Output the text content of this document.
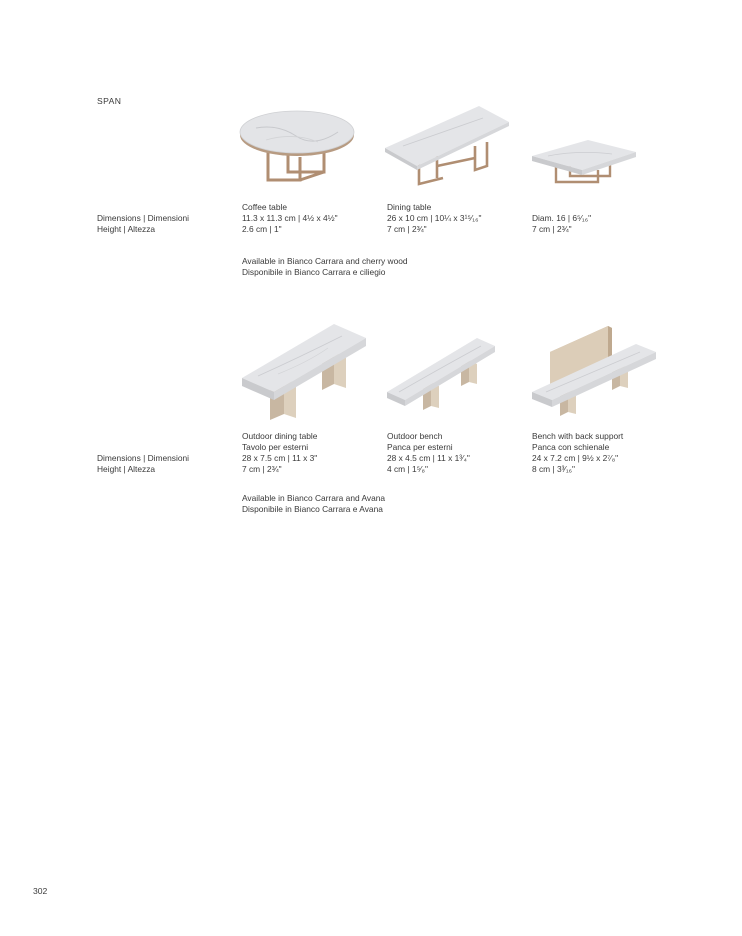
SPAN
Dimensions | Dimensioni
Height | Altezza
Coffee table
11.3 x 11.3 cm | 4½ x 4½"
2.6 cm | 1"
Dining table
26 x 10 cm | 10¼ x 3¹⁵⁄₁₆"
7 cm | 2¾"
Diam. 16 | 6⁵⁄₁₆"
7 cm | 2¾"
Available in Bianco Carrara and cherry wood
Disponibile in Bianco Carrara e ciliegio
Dimensions | Dimensioni
Height | Altezza
Outdoor dining table
Tavolo per esterni
28 x 7.5 cm | 11 x 3"
7 cm | 2¾"
Outdoor bench
Panca per esterni
28 x 4.5 cm | 11 x 1³⁄₄"
4 cm | 1⁵⁄₈"
Bench with back support
Panca con schienale
24 x 7.2 cm | 9½ x 2⁷⁄₈"
8 cm | 3³⁄₁₆"
Available in Bianco Carrara and Avana
Disponibile in Bianco Carrara e Avana
302
